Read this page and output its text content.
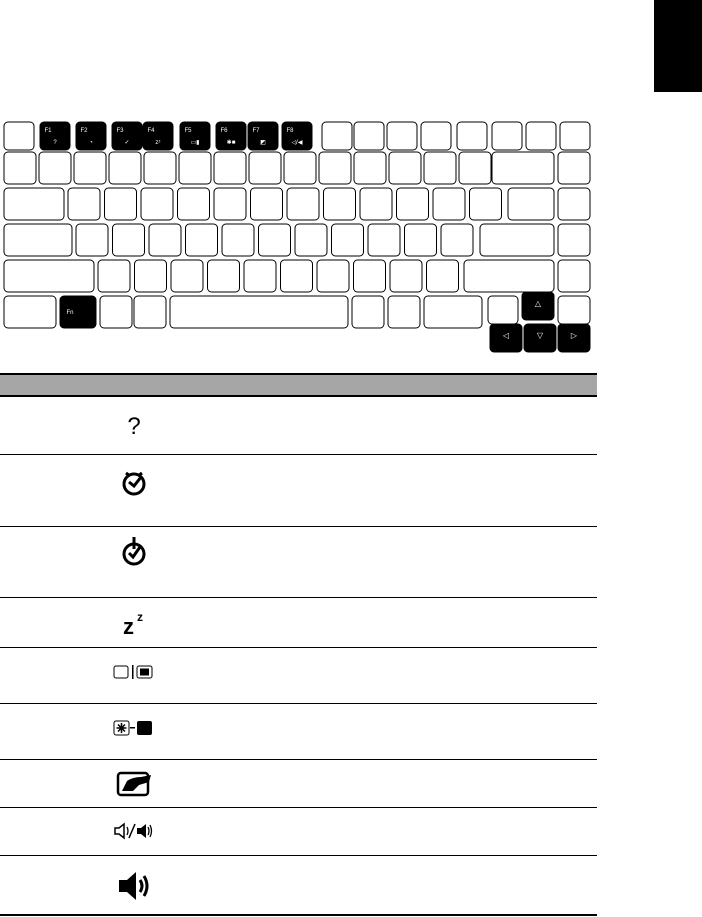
F1
?
F2
◔
F3
✓
F4
zᶻ
F5
▭▮
F6
✱■
F7
◩
F8
◁/◀
Fn
△
◁	▽	▷
?
z z
